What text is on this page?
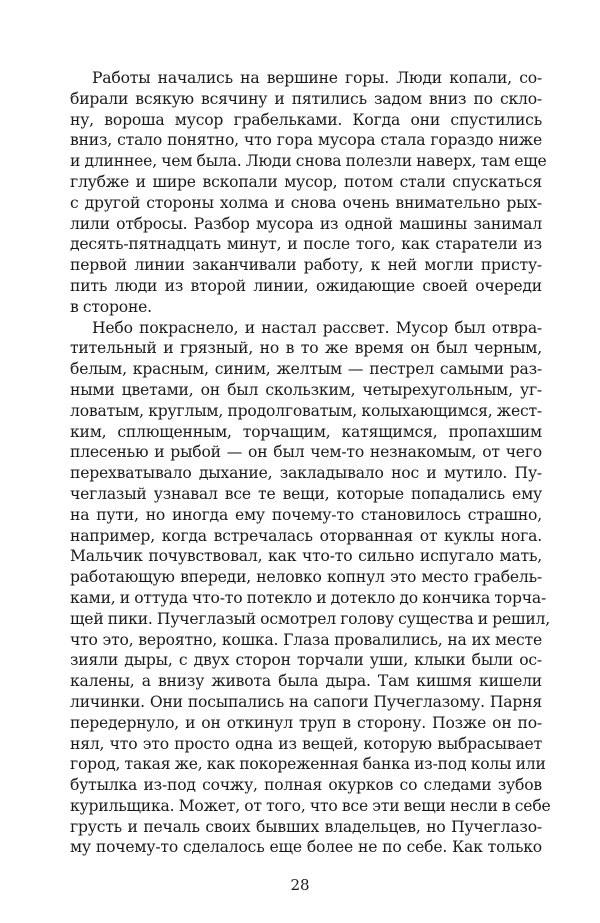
Работы начались на вершине горы. Люди копали, со-
бирали всякую всячину и пятились задом вниз по скло-
ну, вороша мусор грабельками. Когда они спустились
вниз, стало понятно, что гора мусора стала гораздо ниже
и длиннее, чем была. Люди снова полезли наверх, там еще
глубже и шире вскопали мусор, потом стали спускаться
с другой стороны холма и снова очень внимательно рых-
лили отбросы. Разбор мусора из одной машины занимал
десять-пятнадцать минут, и после того, как старатели из
первой линии заканчивали работу, к ней могли присту-
пить люди из второй линии, ожидающие своей очереди
в стороне.
Небо покраснело, и настал рассвет. Мусор был отвра-
тительный и грязный, но в то же время он был черным,
белым, красным, синим, желтым — пестрел самыми раз-
ными цветами, он был скользким, четырехугольным, уг-
ловатым, круглым, продолговатым, колыхающимся, жест-
ким, сплющенным, торчащим, катящимся, пропахшим
плесенью и рыбой — он был чем-то незнакомым, от чего
перехватывало дыхание, закладывало нос и мутило. Пу-
чеглазый узнавал все те вещи, которые попадались ему
на пути, но иногда ему почему-то становилось страшно,
например, когда встречалась оторванная от куклы нога.
Мальчик почувствовал, как что-то сильно испугало мать,
работающую впереди, неловко копнул это место грабель-
ками, и оттуда что-то потекло и дотекло до кончика торча-
щей пики. Пучеглазый осмотрел голову существа и решил,
что это, вероятно, кошка. Глаза провалились, на их месте
зияли дыры, с двух сторон торчали уши, клыки были ос-
калены, а внизу живота была дыра. Там кишмя кишели
личинки. Они посыпались на сапоги Пучеглазому. Парня
передернуло, и он откинул труп в сторону. Позже он по-
нял, что это просто одна из вещей, которую выбрасывает
город, такая же, как покореженная банка из-под колы или
бутылка из-под сочжу, полная окурков со следами зубов
курильщика. Может, от того, что все эти вещи несли в себе
грусть и печаль своих бывших владельцев, но Пучеглазо-
му почему-то сделалось еще более не по себе. Как только
28
